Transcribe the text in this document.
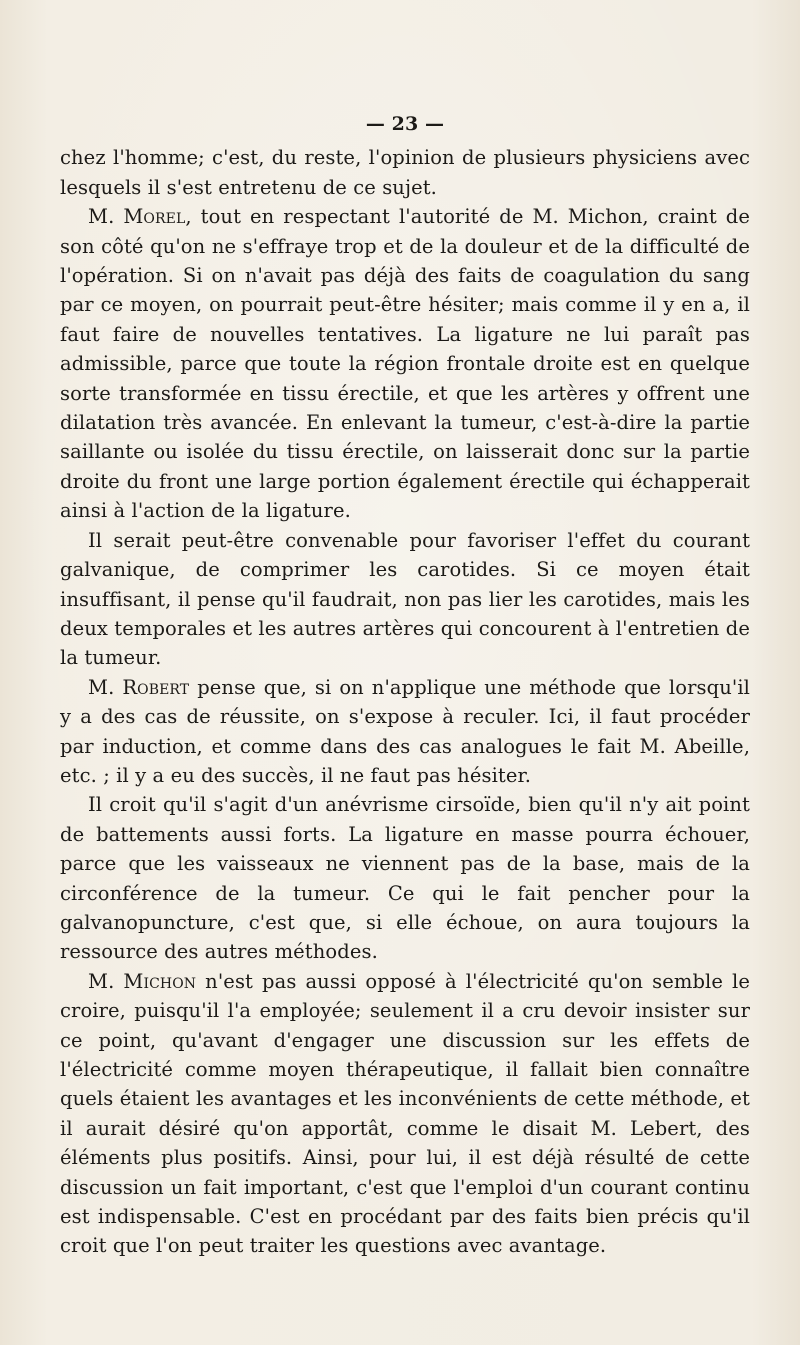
— 23 —

chez l'homme; c'est, du reste, l'opinion de plusieurs physiciens avec lesquels il s'est entretenu de ce sujet.

M. Morel, tout en respectant l'autorité de M. Michon, craint de son côté qu'on ne s'effraye trop et de la douleur et de la difficulté de l'opération. Si on n'avait pas déjà des faits de coagulation du sang par ce moyen, on pourrait peut-être hésiter; mais comme il y en a, il faut faire de nouvelles tentatives. La ligature ne lui paraît pas admissible, parce que toute la région frontale droite est en quelque sorte transformée en tissu érectile, et que les artères y offrent une dilatation très avancée. En enlevant la tumeur, c'est-à-dire la partie saillante ou isolée du tissu érectile, on laisserait donc sur la partie droite du front une large portion également érectile qui échapperait ainsi à l'action de la ligature.

Il serait peut-être convenable pour favoriser l'effet du courant galvanique, de comprimer les carotides. Si ce moyen était insuffisant, il pense qu'il faudrait, non pas lier les carotides, mais les deux temporales et les autres artères qui concourent à l'entretien de la tumeur.

M. Robert pense que, si on n'applique une méthode que lorsqu'il y a des cas de réussite, on s'expose à reculer. Ici, il faut procéder par induction, et comme dans des cas analogues le fait M. Abeille, etc. ; il y a eu des succès, il ne faut pas hésiter.

Il croit qu'il s'agit d'un anévrisme cirsoïde, bien qu'il n'y ait point de battements aussi forts. La ligature en masse pourra échouer, parce que les vaisseaux ne viennent pas de la base, mais de la circonférence de la tumeur. Ce qui le fait pencher pour la galvanopuncture, c'est que, si elle échoue, on aura toujours la ressource des autres méthodes.

M. Michon n'est pas aussi opposé à l'électricité qu'on semble le croire, puisqu'il l'a employée; seulement il a cru devoir insister sur ce point, qu'avant d'engager une discussion sur les effets de l'électricité comme moyen thérapeutique, il fallait bien connaître quels étaient les avantages et les inconvénients de cette méthode, et il aurait désiré qu'on apportât, comme le disait M. Lebert, des éléments plus positifs. Ainsi, pour lui, il est déjà résulté de cette discussion un fait important, c'est que l'emploi d'un courant continu est indispensable. C'est en procédant par des faits bien précis qu'il croit que l'on peut traiter les questions avec avantage.
